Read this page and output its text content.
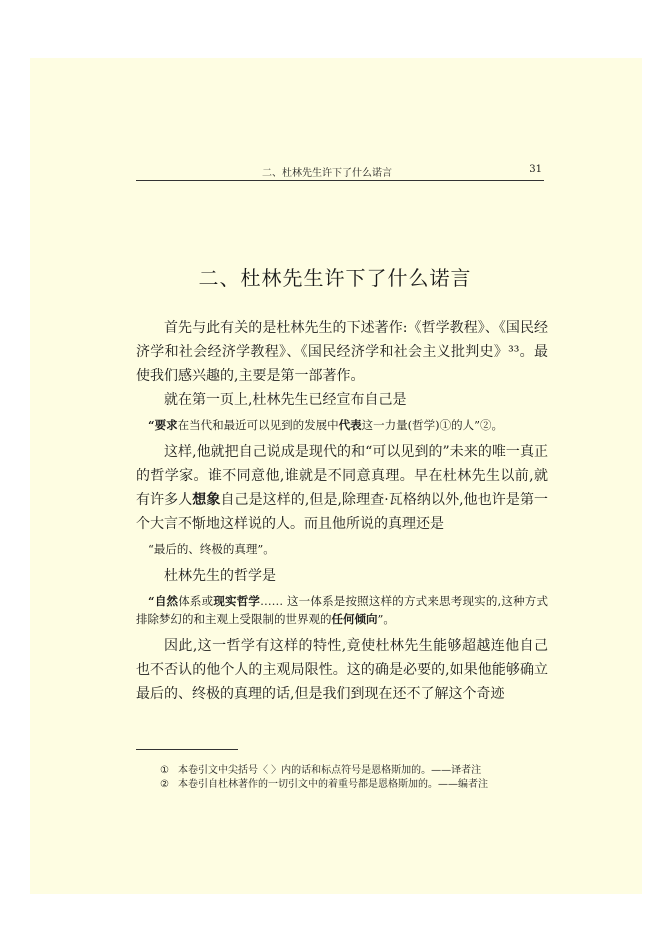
二、杜林先生许下了什么诺言	31
二、杜林先生许下了什么诺言

首先与此有关的是杜林先生的下述著作:《哲学教程》、《国民经济学和社会经济学教程》、《国民经济学和社会主义批判史》³³。最使我们感兴趣的,主要是第一部著作。

就在第一页上,杜林先生已经宣布自己是

“要求在当代和最近可以见到的发展中代表这一力量(哲学)①的人”②。

这样,他就把自己说成是现代的和“可以见到的”未来的唯一真正的哲学家。谁不同意他,谁就是不同意真理。早在杜林先生以前,就有许多人想象自己是这样的,但是,除理查·瓦格纳以外,他也许是第一个大言不惭地这样说的人。而且他所说的真理还是

“最后的、终极的真理”。

杜林先生的哲学是

“自然体系或现实哲学…… 这一体系是按照这样的方式来思考现实的,这种方式排除梦幻的和主观上受限制的世界观的任何倾向”。

因此,这一哲学有这样的特性,竟使杜林先生能够超越连他自己也不否认的他个人的主观局限性。这的确是必要的,如果他能够确立最后的、终极的真理的话,但是我们到现在还不了解这个奇迹

① 本卷引文中尖括号〈 〉内的话和标点符号是恩格斯加的。——译者注
② 本卷引自杜林著作的一切引文中的着重号都是恩格斯加的。——编者注
